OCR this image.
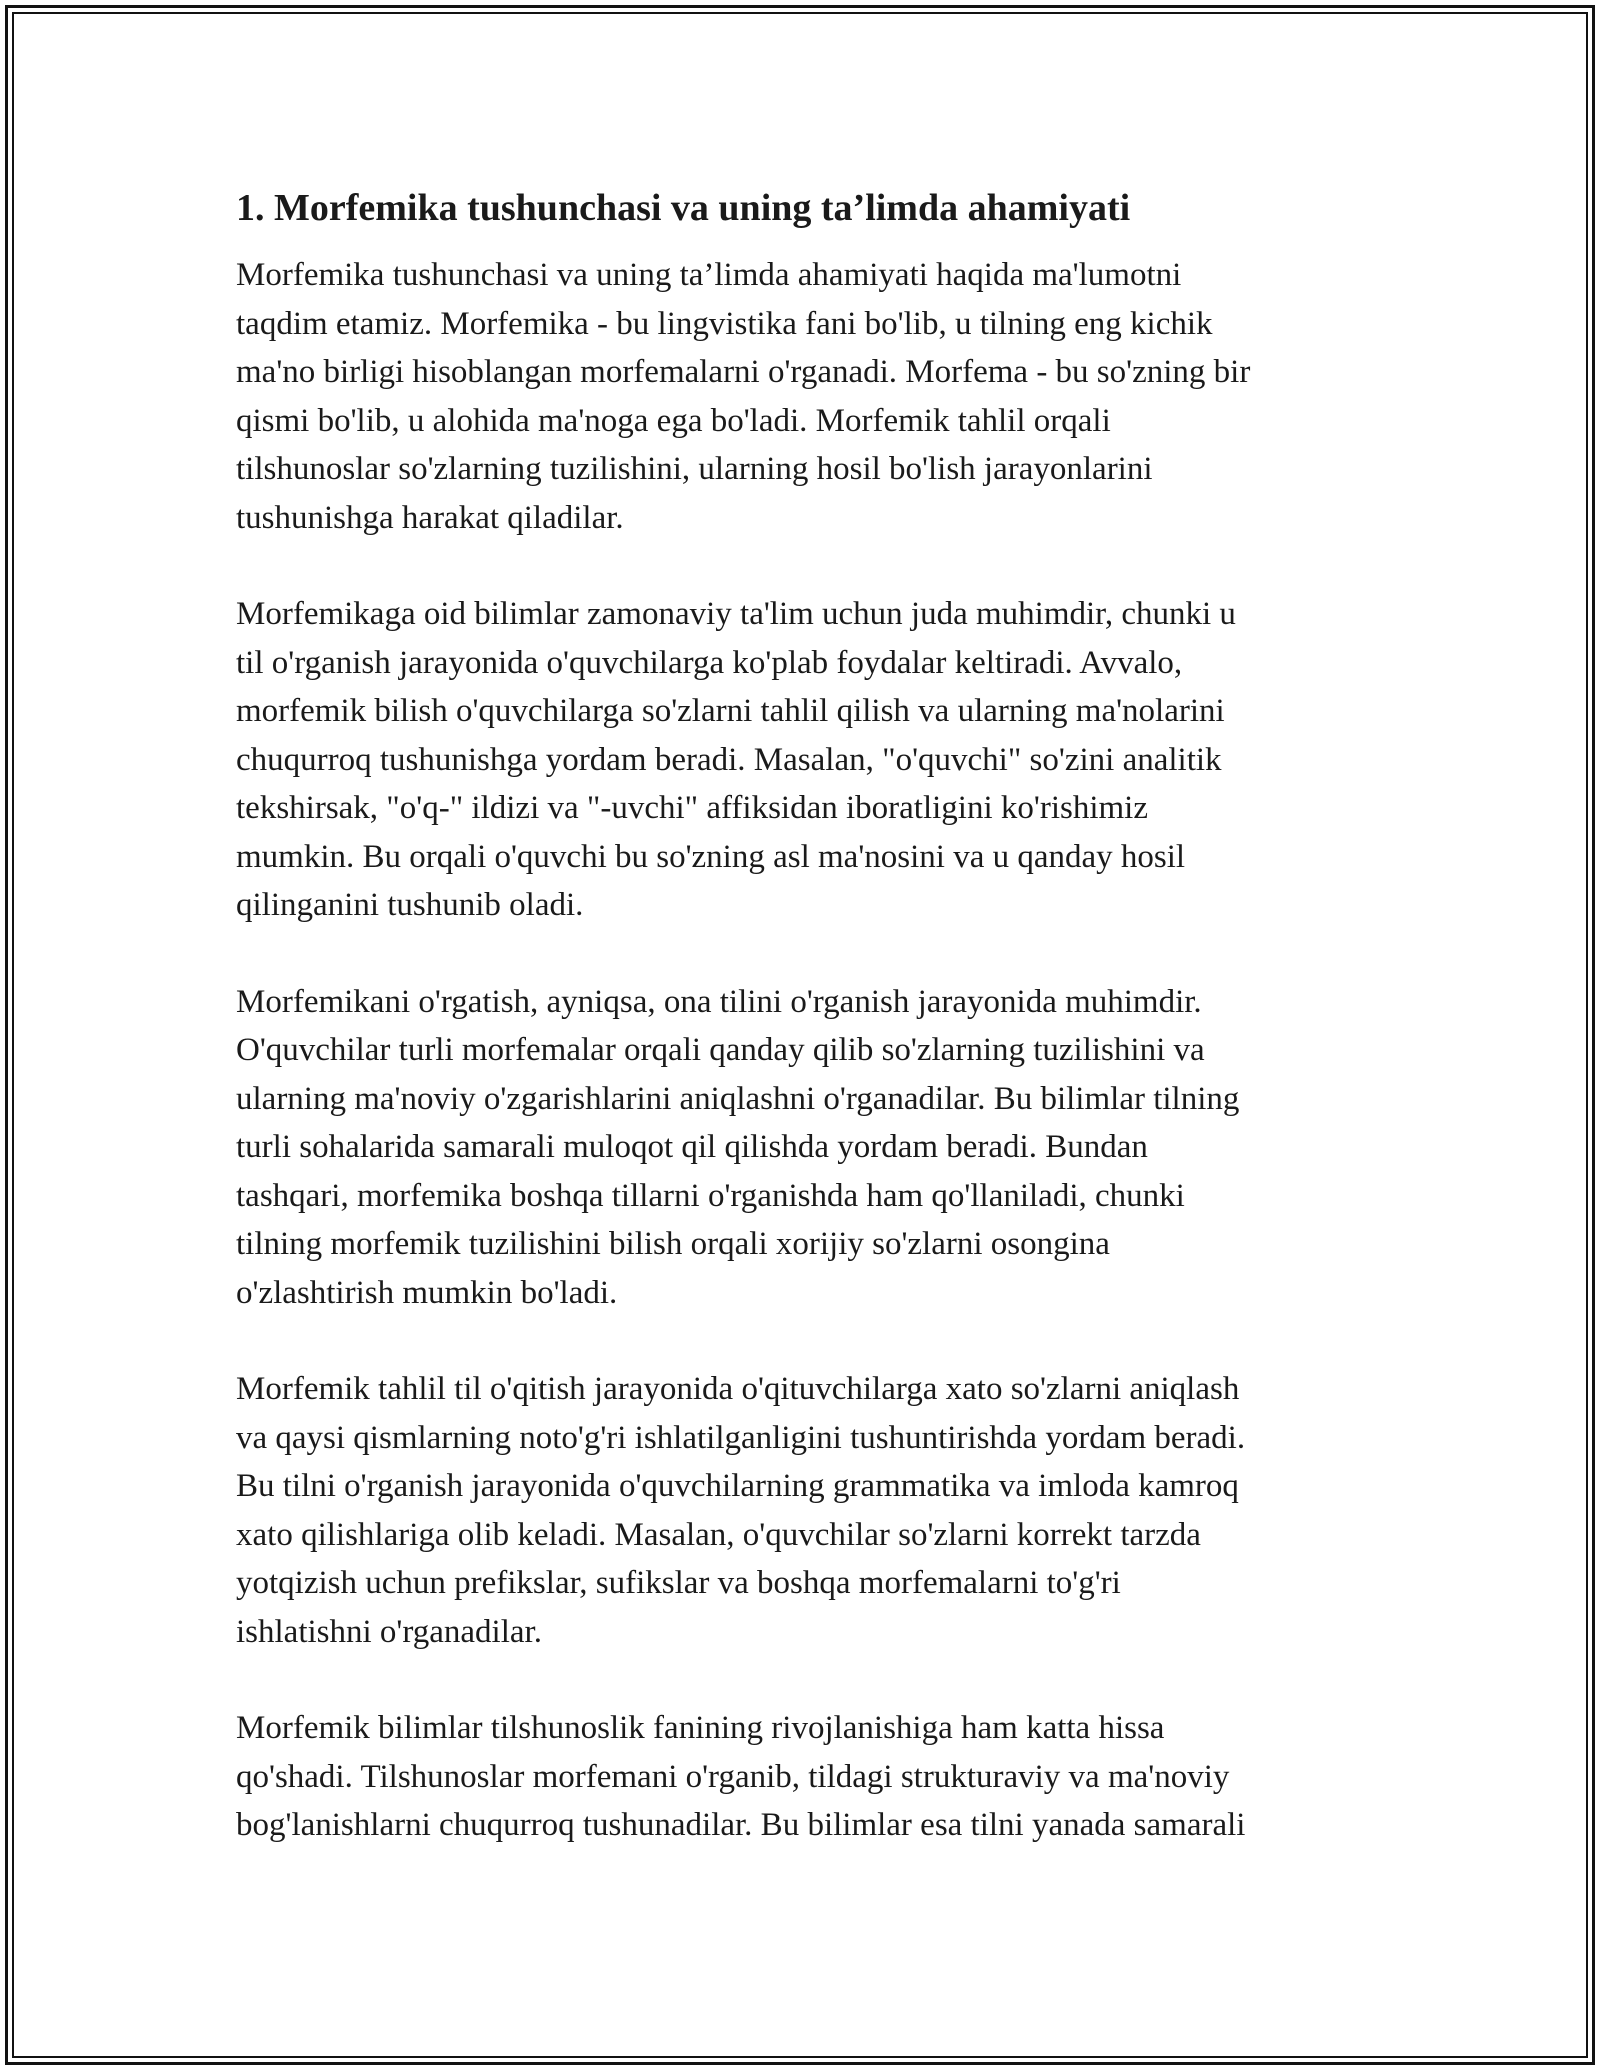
1. Morfemika tushunchasi va uning ta’limda ahamiyati

Morfemika tushunchasi va uning ta’limda ahamiyati haqida ma'lumotni
taqdim etamiz. Morfemika - bu lingvistika fani bo'lib, u tilning eng kichik
ma'no birligi hisoblangan morfemalarni o'rganadi. Morfema - bu so'zning bir
qismi bo'lib, u alohida ma'noga ega bo'ladi. Morfemik tahlil orqali
tilshunoslar so'zlarning tuzilishini, ularning hosil bo'lish jarayonlarini
tushunishga harakat qiladilar.

Morfemikaga oid bilimlar zamonaviy ta'lim uchun juda muhimdir, chunki u
til o'rganish jarayonida o'quvchilarga ko'plab foydalar keltiradi. Avvalo,
morfemik bilish o'quvchilarga so'zlarni tahlil qilish va ularning ma'nolarini
chuqurroq tushunishga yordam beradi. Masalan, "o'quvchi" so'zini analitik
tekshirsak, "o'q-" ildizi va "-uvchi" affiksidan iboratligini ko'rishimiz
mumkin. Bu orqali o'quvchi bu so'zning asl ma'nosini va u qanday hosil
qilinganini tushunib oladi.

Morfemikani o'rgatish, ayniqsa, ona tilini o'rganish jarayonida muhimdir.
O'quvchilar turli morfemalar orqali qanday qilib so'zlarning tuzilishini va
ularning ma'noviy o'zgarishlarini aniqlashni o'rganadilar. Bu bilimlar tilning
turli sohalarida samarali muloqot qil qilishda yordam beradi. Bundan
tashqari, morfemika boshqa tillarni o'rganishda ham qo'llaniladi, chunki
tilning morfemik tuzilishini bilish orqali xorijiy so'zlarni osongina
o'zlashtirish mumkin bo'ladi.

Morfemik tahlil til o'qitish jarayonida o'qituvchilarga xato so'zlarni aniqlash
va qaysi qismlarning noto'g'ri ishlatilganligini tushuntirishda yordam beradi.
Bu tilni o'rganish jarayonida o'quvchilarning grammatika va imloda kamroq
xato qilishlariga olib keladi. Masalan, o'quvchilar so'zlarni korrekt tarzda
yotqizish uchun prefikslar, sufikslar va boshqa morfemalarni to'g'ri
ishlatishni o'rganadilar.

Morfemik bilimlar tilshunoslik fanining rivojlanishiga ham katta hissa
qo'shadi. Tilshunoslar morfemani o'rganib, tildagi strukturaviy va ma'noviy
bog'lanishlarni chuqurroq tushunadilar. Bu bilimlar esa tilni yanada samarali
